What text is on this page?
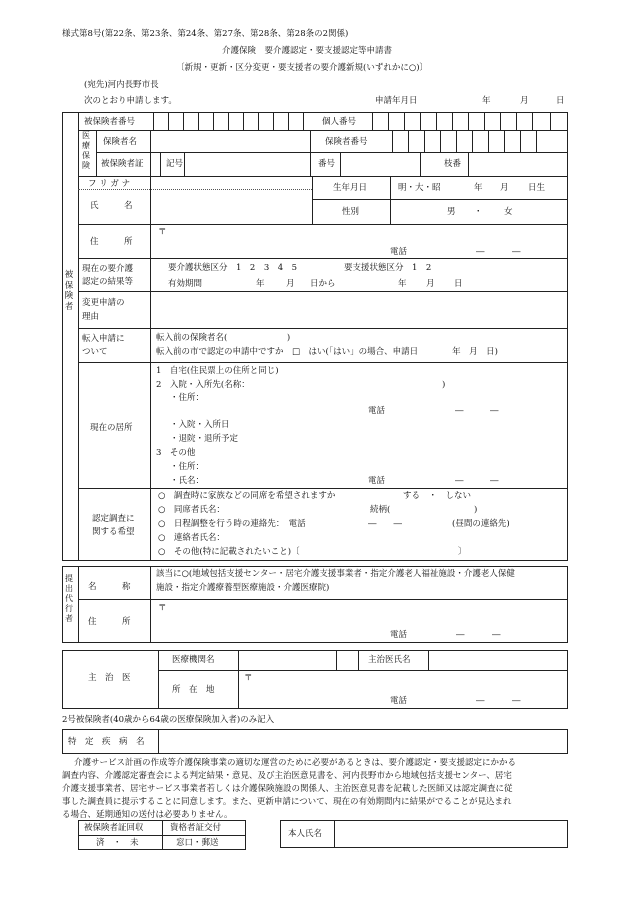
様式第8号(第22条、第23条、第24条、第27条、第28条、第28条の2関係)
介護保険　要介護認定・要支援認定等申請書
〔新規・更新・区分変更・要支援者の要介護新規(いずれかに○)〕
(宛先)河内長野市長
次のとおり申請します。	申請年月日	年	月	日
被保険者
被保険者番号	個人番号
医療保険
保険者名	保険者番号
被保険者証	記号	番号	枝番
フ リ ガ ナ
氏　　　名
生年月日	明・大・昭	年 月 日生
性別	男 ・	女
住　　　所
〒
電話	―	―
現在の要介護
認定の結果等
要介護状態区分　1　2　3　4　5	要支援状態区分　1　2
有効期間	年	月 日から	年 月 日
変更申請の
理由
転入申請に
ついて
転入前の保険者名(　　　　　　　)
転入前の市で認定の申請中ですか　□　はい(「はい」の場合、申請日　　　　年　月　日)
現在の居所
1　自宅(住民票上の住所と同じ)
2　入院・入所先(名称：	)
・住所：
電話	―	―
・入院・入所日
・退院・退所予定
3　その他
・住所：
・氏名：	電話	―	―
認定調査に
関する希望
○　調査時に家族などの同席を希望されますか	する　・　しない
○　同席者氏名：	続柄(	)
○　日程調整を行う時の連絡先：　電話	―　　―	(昼間の連絡先)
○　連絡者氏名：
○　その他(特に記載されたいこと)〔	〕
提出代行者
名　　　称
該当に○(地域包括支援センター・居宅介護支援事業者・指定介護老人福祉施設・介護老人保健
施設・指定介護療養型医療施設・介護医療院)
住　　　所
〒
電話	―	―
主　治　医
医療機関名	主治医氏名
所　在　地
〒
電話	―	―
2号被保険者(40歳から64歳の医療保険加入者)のみ記入
特　定　疾　病　名
介護サービス計画の作成等介護保険事業の適切な運営のために必要があるときは、要介護認定・要支援認定にかかる
調査内容、介護認定審査会による判定結果・意見、及び主治医意見書を、河内長野市から地域包括支援センター、居宅
介護支援事業者、居宅サービス事業者若しくは介護保険施設の関係人、主治医意見書を記載した医師又は認定調査に従
事した調査員に提示することに同意します。また、更新申請について、現在の有効期間内に結果がでることが見込まれ
る場合、延期通知の送付は必要ありません。
被保険者証回収	資格者証交付
済　・　未	窓口・郵送
本人氏名
